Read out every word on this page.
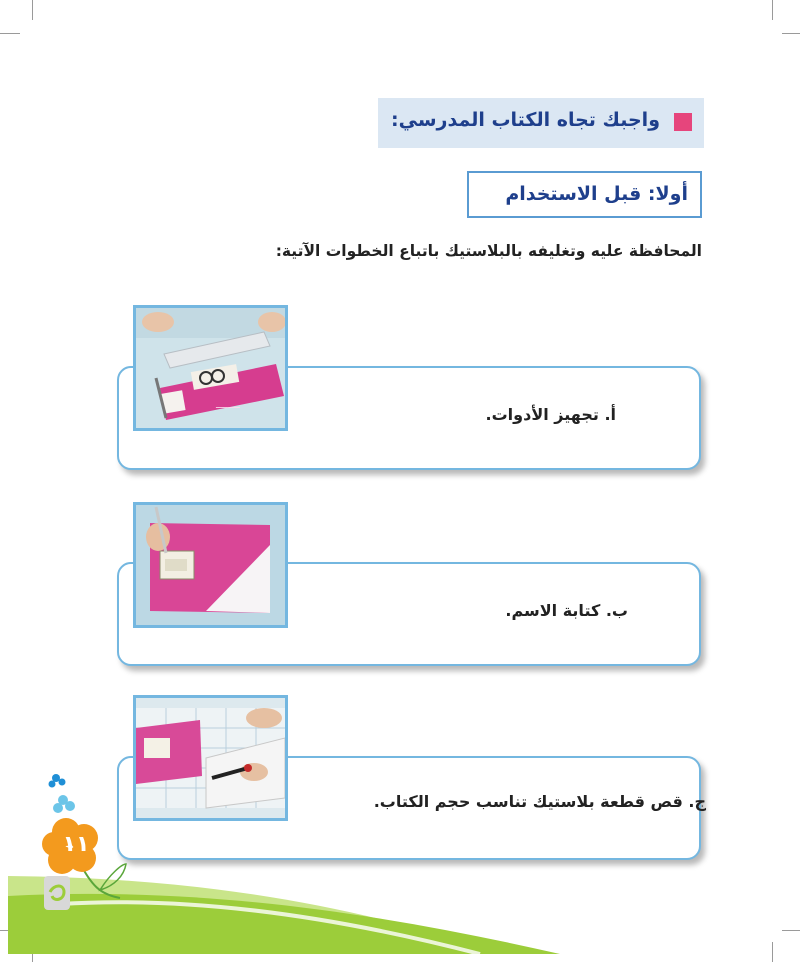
واجبك تجاه الكتاب المدرسي:
أولا: قبل الاستخدام
المحافظة عليه وتغليفه بالبلاستيك باتباع الخطوات الآتية:
أ. تجهيز الأدوات.
ـــــــــ
ب. كتابة الاسم.
ج. قص قطعة بلاستيك تناسب حجم الكتاب.
١١
